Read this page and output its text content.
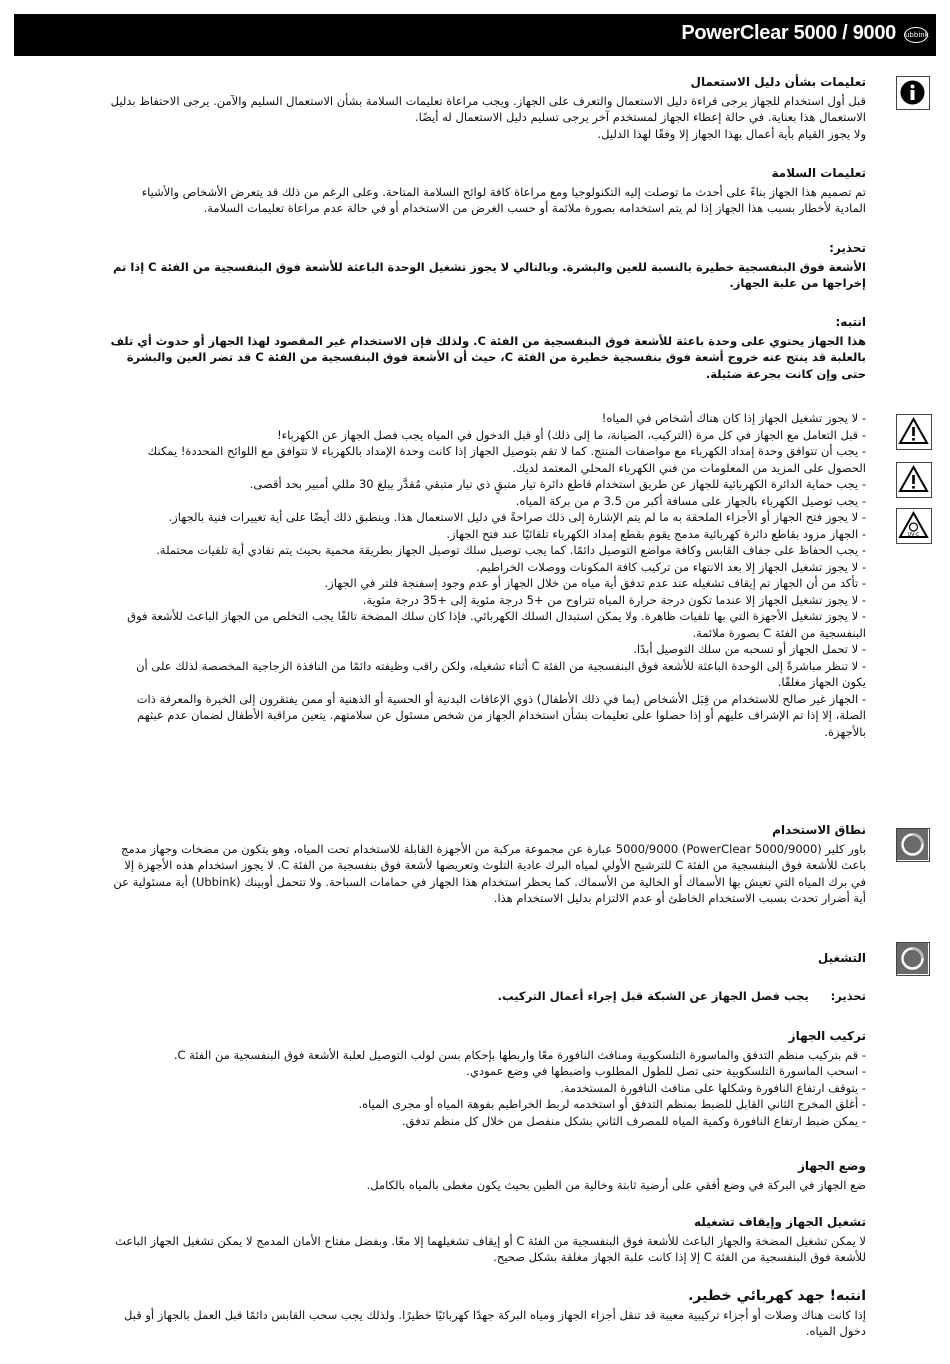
PowerClear 5000 / 9000 ubbink
تعليمات بشأن دليل الاستعمال

قبل أول استخدام للجهاز يرجى قراءة دليل الاستعمال والتعرف على الجهاز. ويجب مراعاة تعليمات السلامة بشأن الاستعمال السليم والآمن. يرجى الاحتفاظ بدليل الاستعمال هذا بعناية. في حالة إعطاء الجهاز لمستخدم آخر يرجى تسليم دليل الاستعمال له أيضًا.

ولا يجوز القيام بأية أعمال بهذا الجهاز إلا وفقًا لهذا الدليل.

تعليمات السلامة

تم تصميم هذا الجهاز بناءً على أحدث ما توصلت إليه التكنولوجيا ومع مراعاة كافة لوائح السلامة المتاحة. وعلى الرغم من ذلك قد يتعرض الأشخاص والأشياء المادية لأخطار بسبب هذا الجهاز إذا لم يتم استخدامه بصورة ملائمة أو حسب الغرض من الاستخدام أو في حالة عدم مراعاة تعليمات السلامة.

تحذير:

الأشعة فوق البنفسجية خطيرة بالنسبة للعين والبشرة. وبالتالي لا يجوز تشغيل الوحدة الباعثة للأشعة فوق البنفسجية من الفئة C إذا تم إخراجها من علبة الجهاز.

انتبه:

هذا الجهاز يحتوي على وحدة باعثة للأشعة فوق البنفسجية من الفئة C. ولذلك فإن الاستخدام غير المقصود لهذا الجهاز أو حدوث أي تلف بالعلبة قد ينتج عنه خروج أشعة فوق بنفسجية خطيرة من الفئة C، حيث أن الأشعة فوق البنفسجية من الفئة C قد تضر العين والبشرة حتى وإن كانت بجرعة ضئيلة.

UV-C
- لا يجوز تشغيل الجهاز إذا كان هناك أشخاص في المياه!
- قبل التعامل مع الجهاز في كل مرة (التركيب، الصيانة، ما إلى ذلك) أو قبل الدخول في المياه يجب فصل الجهاز عن الكهرباء!
- يجب أن تتوافق وحدة إمداد الكهرباء مع مواصفات المنتج. كما لا تقم بتوصيل الجهاز إذا كانت وحدة الإمداد بالكهرباء لا تتوافق مع اللوائح المحددة! يمكنك الحصول على المزيد من المعلومات من فني الكهرباء المحلي المعتمد لديك.
- يجب حماية الدائرة الكهربائية للجهاز عن طريق استخدام قاطع دائرة تيار متبقٍ ذي تيار متبقي مُقدَّر يبلغ 30 مللي أمبير بحد أقصى.
- يجب توصيل الكهرباء بالجهاز على مسافة أكبر من 3.5 م من بركة المياه.
- لا يجوز فتح الجهاز أو الأجزاء الملحقة به ما لم يتم الإشارة إلى ذلك صراحةً في دليل الاستعمال هذا. وينطبق ذلك أيضًا على أية تغييرات فنية بالجهاز.
- الجهاز مزود بقاطع دائرة كهربائية مدمج يقوم بقطع إمداد الكهرباء تلقائيًا عند فتح الجهاز.
- يجب الحفاظ على جفاف القابس وكافة مواضع التوصيل دائمًا. كما يجب توصيل سلك توصيل الجهاز بطريقة محمية بحيث يتم تفادي أية تلفيات محتملة.
- لا يجوز تشغيل الجهاز إلا بعد الانتهاء من تركيب كافة المكونات ووصلات الخراطيم.
- تأكد من أن الجهاز تم إيقاف تشغيله عند عدم تدفق أية مياه من خلال الجهاز أو عدم وجود إسفنجة فلتر في الجهاز.
- لا يجوز تشغيل الجهاز إلا عندما تكون درجة حرارة المياه تتراوح من +5 درجة مئوية إلى +35 درجة مئوية.
- لا يجوز تشغيل الأجهزة التي بها تلفيات ظاهرة. ولا يمكن استبدال السلك الكهربائي. فإذا كان سلك المضخة تالفًا يجب التخلص من الجهاز الباعث للأشعة فوق البنفسجية من الفئة C بصورة ملائمة.
- لا تحمل الجهاز أو تسحبه من سلك التوصيل أبدًا.
- لا تنظر مباشرةً إلى الوحدة الباعثة للأشعة فوق البنفسجية من الفئة C أثناء تشغيله، ولكن راقب وظيفته دائمًا من النافذة الزجاجية المخصصة لذلك على أن يكون الجهاز مغلقًا.
- الجهاز غير صالح للاستخدام من قِبَل الأشخاص (بما في ذلك الأطفال) ذوي الإعاقات البدنية أو الحسية أو الذهنية أو ممن يفتقرون إلى الخبرة والمعرفة ذات الصلة، إلا إذا تم الإشراف عليهم أو إذا حصلوا على تعليمات بشأن استخدام الجهاز من شخص مسئول عن سلامتهم. يتعين مراقبة الأطفال لضمان عدم عبثهم بالأجهزة.
نطاق الاستخدام

باور كلير (PowerClear 5000/9000) 5000/9000 عبارة عن مجموعة مركبة من الأجهزة القابلة للاستخدام تحت المياه، وهو يتكون من مضخات وجهاز مدمج باعث للأشعة فوق البنفسجية من الفئة C للترشيح الأولي لمياه البرك عادية التلوث وتعريضها لأشعة فوق بنفسجية من الفئة C. لا يجوز استخدام هذه الأجهزة إلا في برك المياه التي تعيش بها الأسماك أو الخالية من الأسماك. كما يحظر استخدام هذا الجهاز في حمامات السباحة. ولا تتحمل أوبينك (Ubbink) أية مسئولية عن أية أضرار تحدث بسبب الاستخدام الخاطئ أو عدم الالتزام بدليل الاستخدام هذا.

التشغيل

تحذير:      يجب فصل الجهاز عن الشبكة قبل إجراء أعمال التركيب.

تركيب الجهاز
- قم بتركيب منظم التدفق والماسورة التلسكوبية ومنافث النافورة معًا واربطها بإحكام بسن لولب التوصيل لعلبة الأشعة فوق البنفسجية من الفئة C.
- اسحب الماسورة التلسكوبية حتى تصل للطول المطلوب واضبطها في وضع عمودي.
- يتوقف ارتفاع النافورة وشكلها على منافث النافورة المستخدمة.
- أغلق المخرج الثاني القابل للضبط بمنظم التدفق أو استخدمه لربط الخراطيم بفوهة المياه أو مجرى المياه.
- يمكن ضبط ارتفاع النافورة وكمية المياه للمصرف الثاني بشكل منفصل من خلال كل منظم تدفق.
وضع الجهاز

ضع الجهاز في البركة في وضع أفقي على أرضية ثابتة وخالية من الطين بحيث يكون مغطى بالمياه بالكامل.

تشغيل الجهاز وإيقاف تشغيله

لا يمكن تشغيل المضخة والجهاز الباعث للأشعة فوق البنفسجية من الفئة C أو إيقاف تشغيلهما إلا معًا. وبفضل مفتاح الأمان المدمج لا يمكن تشغيل الجهاز الباعث للأشعة فوق البنفسجية من الفئة C إلا إذا كانت علبة الجهاز مغلقة بشكل صحيح.

انتبه! جهد كهربائي خطير.

إذا كانت هناك وصلات أو أجزاء تركيبية معيبة قد تنقل أجزاء الجهاز ومياه البركة جهدًا كهربائيًا خطيرًا. ولذلك يجب سحب القابس دائمًا قبل العمل بالجهاز أو قبل دخول المياه.
